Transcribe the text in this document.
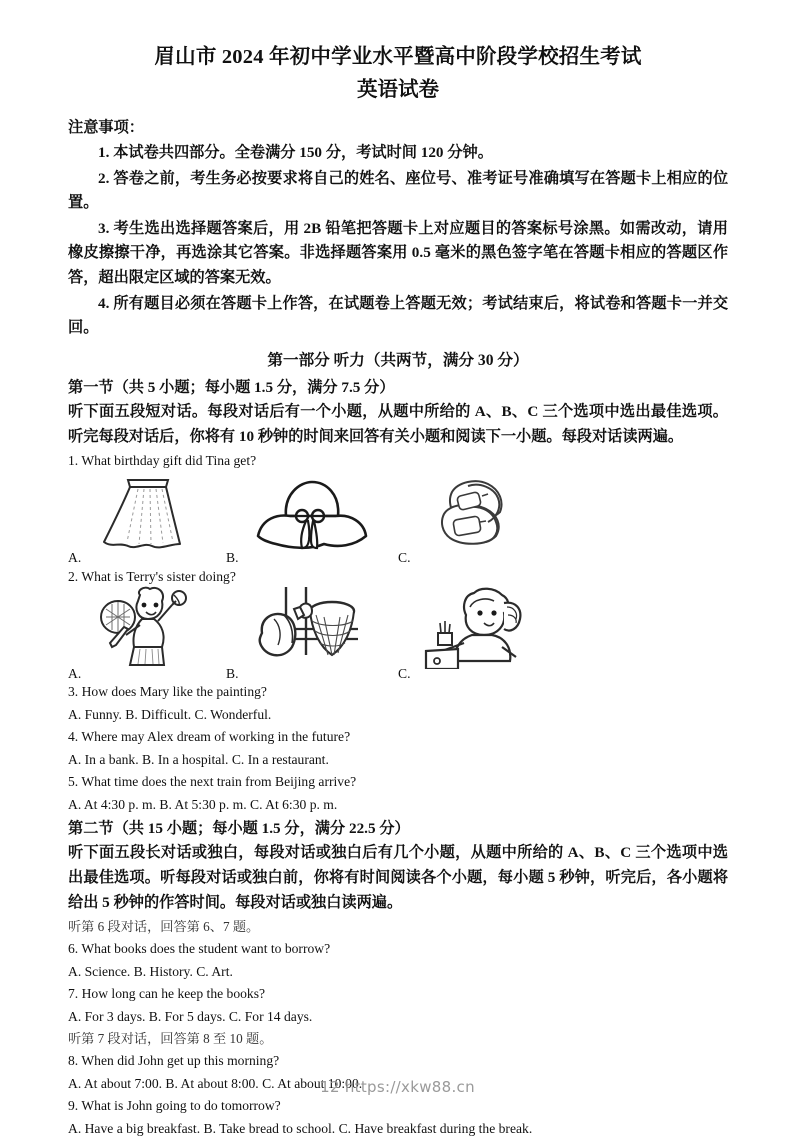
眉山市 2024 年初中学业水平暨高中阶段学校招生考试
英语试卷
注意事项：
1. 本试卷共四部分。全卷满分 150 分，考试时间 120 分钟。
2. 答卷之前，考生务必按要求将自己的姓名、座位号、准考证号准确填写在答题卡上相应的位置。
3. 考生选出选择题答案后，用 2B 铅笔把答题卡上对应题目的答案标号涂黑。如需改动，请用橡皮擦擦干净，再选涂其它答案。非选择题答案用 0.5 毫米的黑色签字笔在答题卡相应的答题区作答，超出限定区域的答案无效。
4. 所有题目必须在答题卡上作答，在试题卷上答题无效；考试结束后，将试卷和答题卡一并交回。
第一部分 听力（共两节，满分 30 分）
第一节（共 5 小题；每小题 1.5 分，满分 7.5 分）
听下面五段短对话。每段对话后有一个小题，从题中所给的 A、B、C 三个选项中选出最佳选项。听完每段对话后，你将有 10 秒钟的时间来回答有关小题和阅读下一小题。每段对话读两遍。
1. What birthday gift did Tina get?
A.	B.	C.
2. What is Terry's sister doing?
A.	B.	C.
3. How does Mary like the painting?
A. Funny. B. Difficult. C. Wonderful.
4. Where may Alex dream of working in the future?
A. In a bank. B. In a hospital. C. In a restaurant.
5. What time does the next train from Beijing arrive?
A. At 4:30 p. m. B. At 5:30 p. m. C. At 6:30 p. m.
第二节（共 15 小题；每小题 1.5 分，满分 22.5 分）
听下面五段长对话或独白，每段对话或独白后有几个小题，从题中所给的 A、B、C 三个选项中选出最佳选项。听每段对话或独白前，你将有时间阅读各个小题，每小题 5 秒钟，听完后，各小题将给出 5 秒钟的作答时间。每段对话或独白读两遍。
听第 6 段对话，回答第 6、7 题。
6. What books does the student want to borrow?
A. Science. B. History. C. Art.
7. How long can he keep the books?
A. For 3 days. B. For 5 days. C. For 14 days.
听第 7 段对话，回答第 8 至 10 题。
8. When did John get up this morning?
A. At about 7:00. B. At about 8:00. C. At about 10:00.
9. What is John going to do tomorrow?
A. Have a big breakfast. B. Take bread to school. C. Have breakfast during the break.
12 https://xkw88.cn
